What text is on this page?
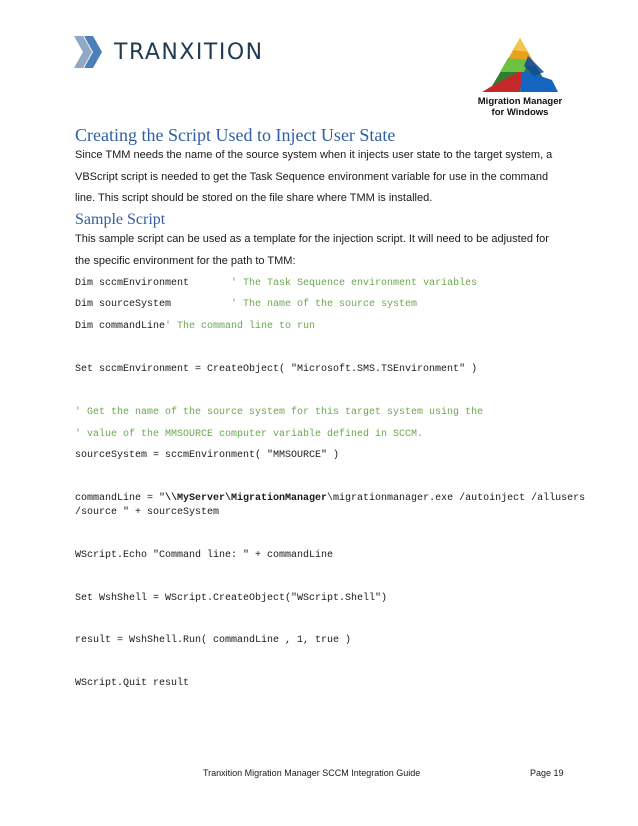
TRANXITION
Migration Manager
for Windows
Creating the Script Used to Inject User State

Since TMM needs the name of the source system when it injects user state to the target system, a
VBScript script is needed to get the Task Sequence environment variable for use in the command
line. This script should be stored on the file share where TMM is installed.

Sample Script

This sample script can be used as a template for the injection script. It will need to be adjusted for
the specific environment for the path to TMM:

Dim sccmEnvironment       ' The Task Sequence environment variables
Dim sourceSystem          ' The name of the source system
Dim commandLine' The command line to run
Set sccmEnvironment = CreateObject( "Microsoft.SMS.TSEnvironment" )
' Get the name of the source system for this target system using the
' value of the MMSOURCE computer variable defined in SCCM.
sourceSystem = sccmEnvironment( "MMSOURCE" )
commandLine = "\\MyServer\MigrationManager\migrationmanager.exe /autoinject /allusers
/source " + sourceSystem
WScript.Echo "Command line: " + commandLine
Set WshShell = WScript.CreateObject("WScript.Shell")
result = WshShell.Run( commandLine , 1, true )
WScript.Quit result
Tranxition Migration Manager SCCM Integration Guide	Page 19
